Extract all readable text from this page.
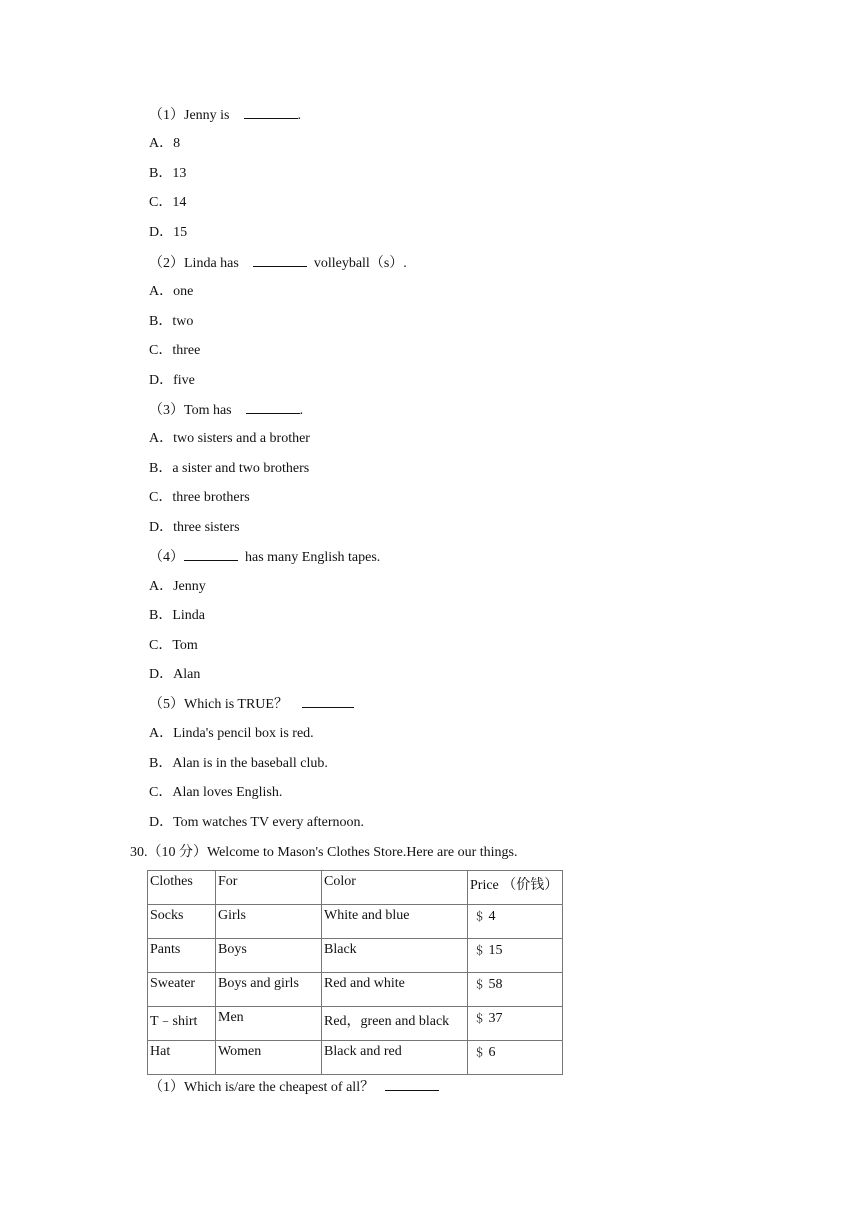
（1）Jenny is	.
A．8
B．13
C．14
D．15
（2）Linda has	volleyball（s）.
A．one
B．two
C．three
D．five
（3）Tom has	.
A．two sisters and a brother
B．a sister and two brothers
C．three brothers
D．three sisters
（4）	has many English tapes.
A．Jenny
B．Linda
C．Tom
D．Alan
（5）Which is TRUE？
A．Linda's pencil box is red.
B．Alan is in the baseball club.
C．Alan loves English.
D．Tom watches TV every afternoon.
30.（10 分）Welcome to Mason's Clothes Store.Here are our things.
Clothes	For	Color	Price （价钱）
Socks	Girls	White and blue	＄ 4
Pants	Boys	Black	＄ 15
Sweater	Boys and girls	Red and white	＄ 58
T﹣shirt	Men	Red，green and black	＄ 37
Hat	Women	Black and red	＄ 6
（1）Which is/are the cheapest of all？
